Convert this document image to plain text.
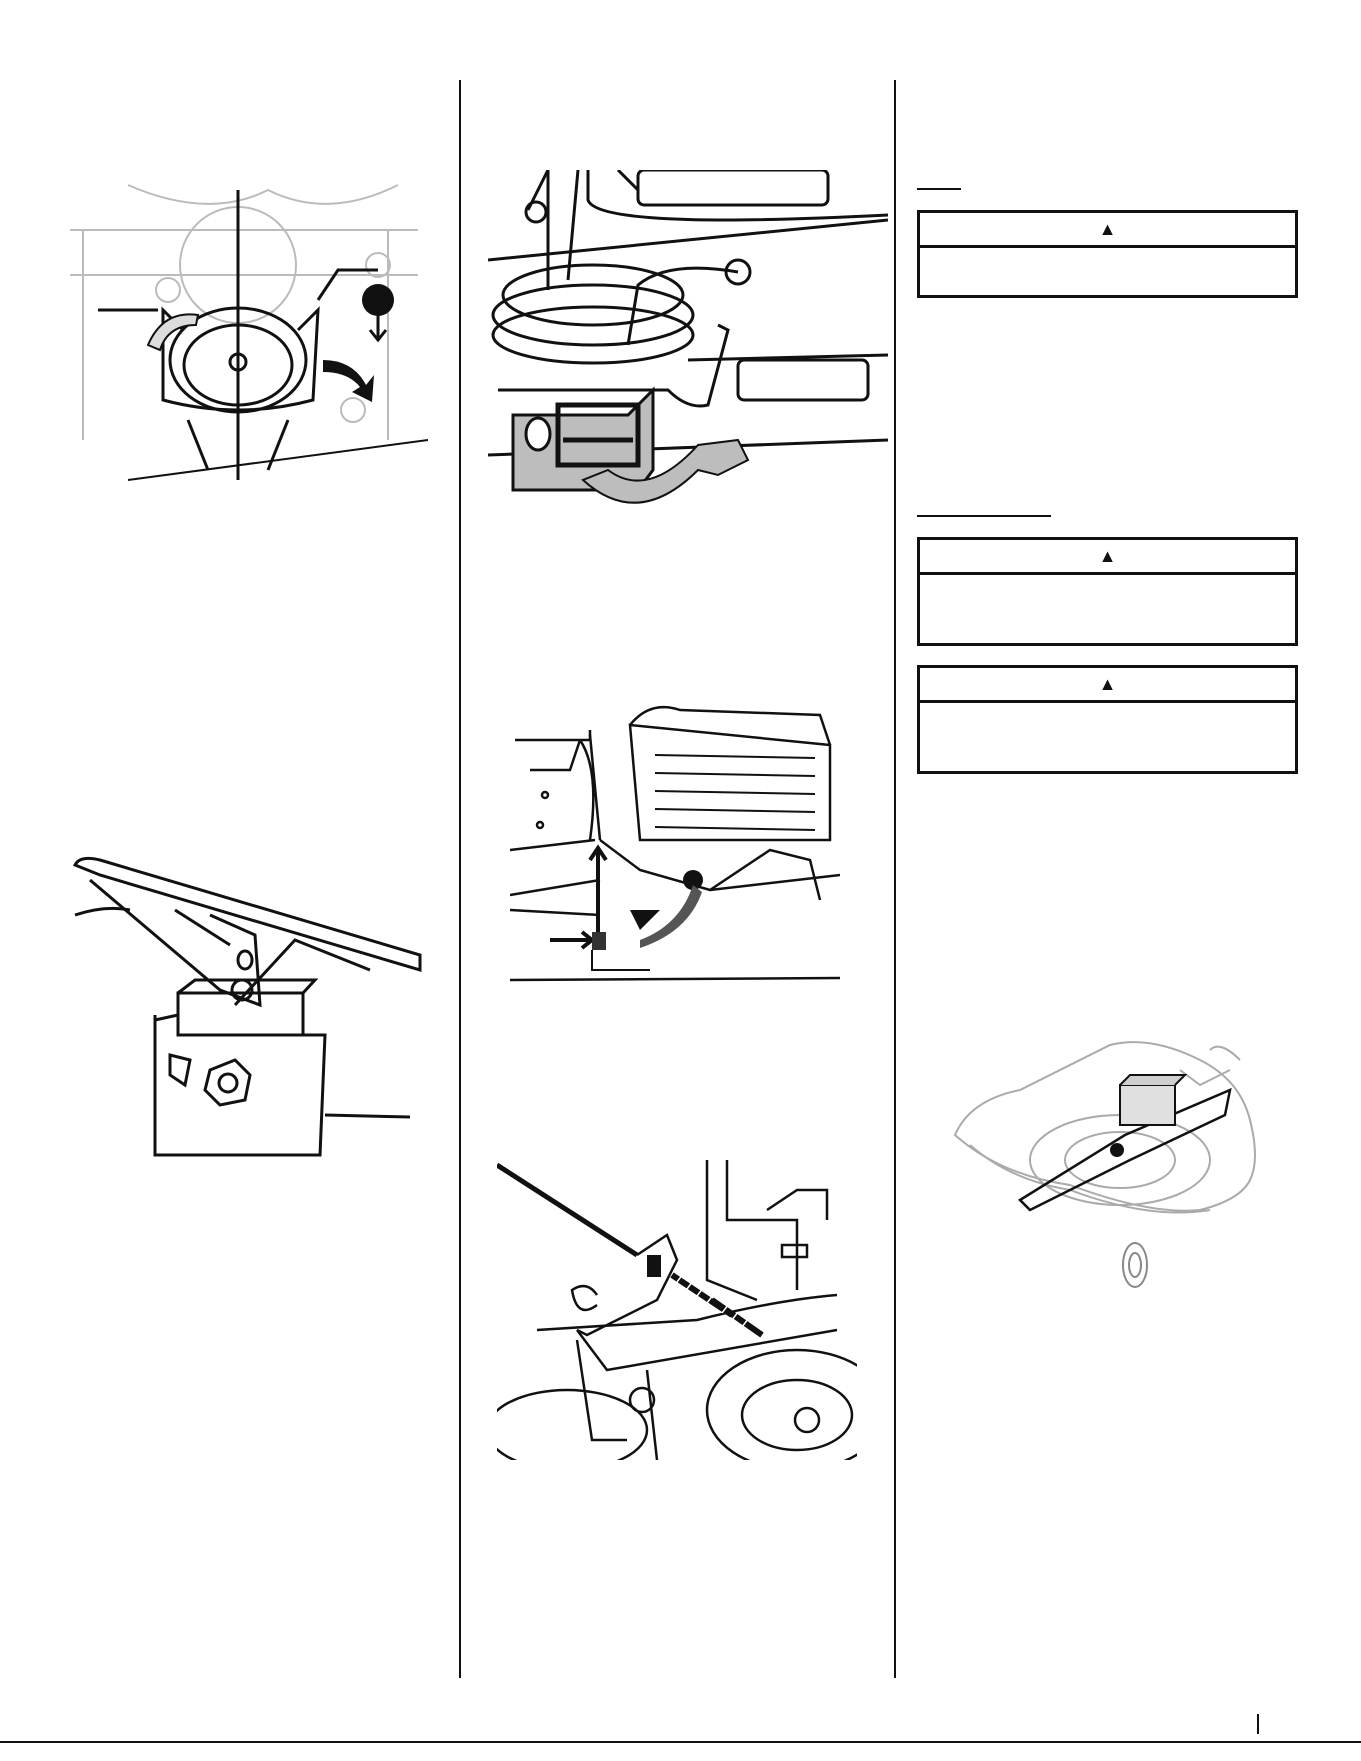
▲
▲
▲
